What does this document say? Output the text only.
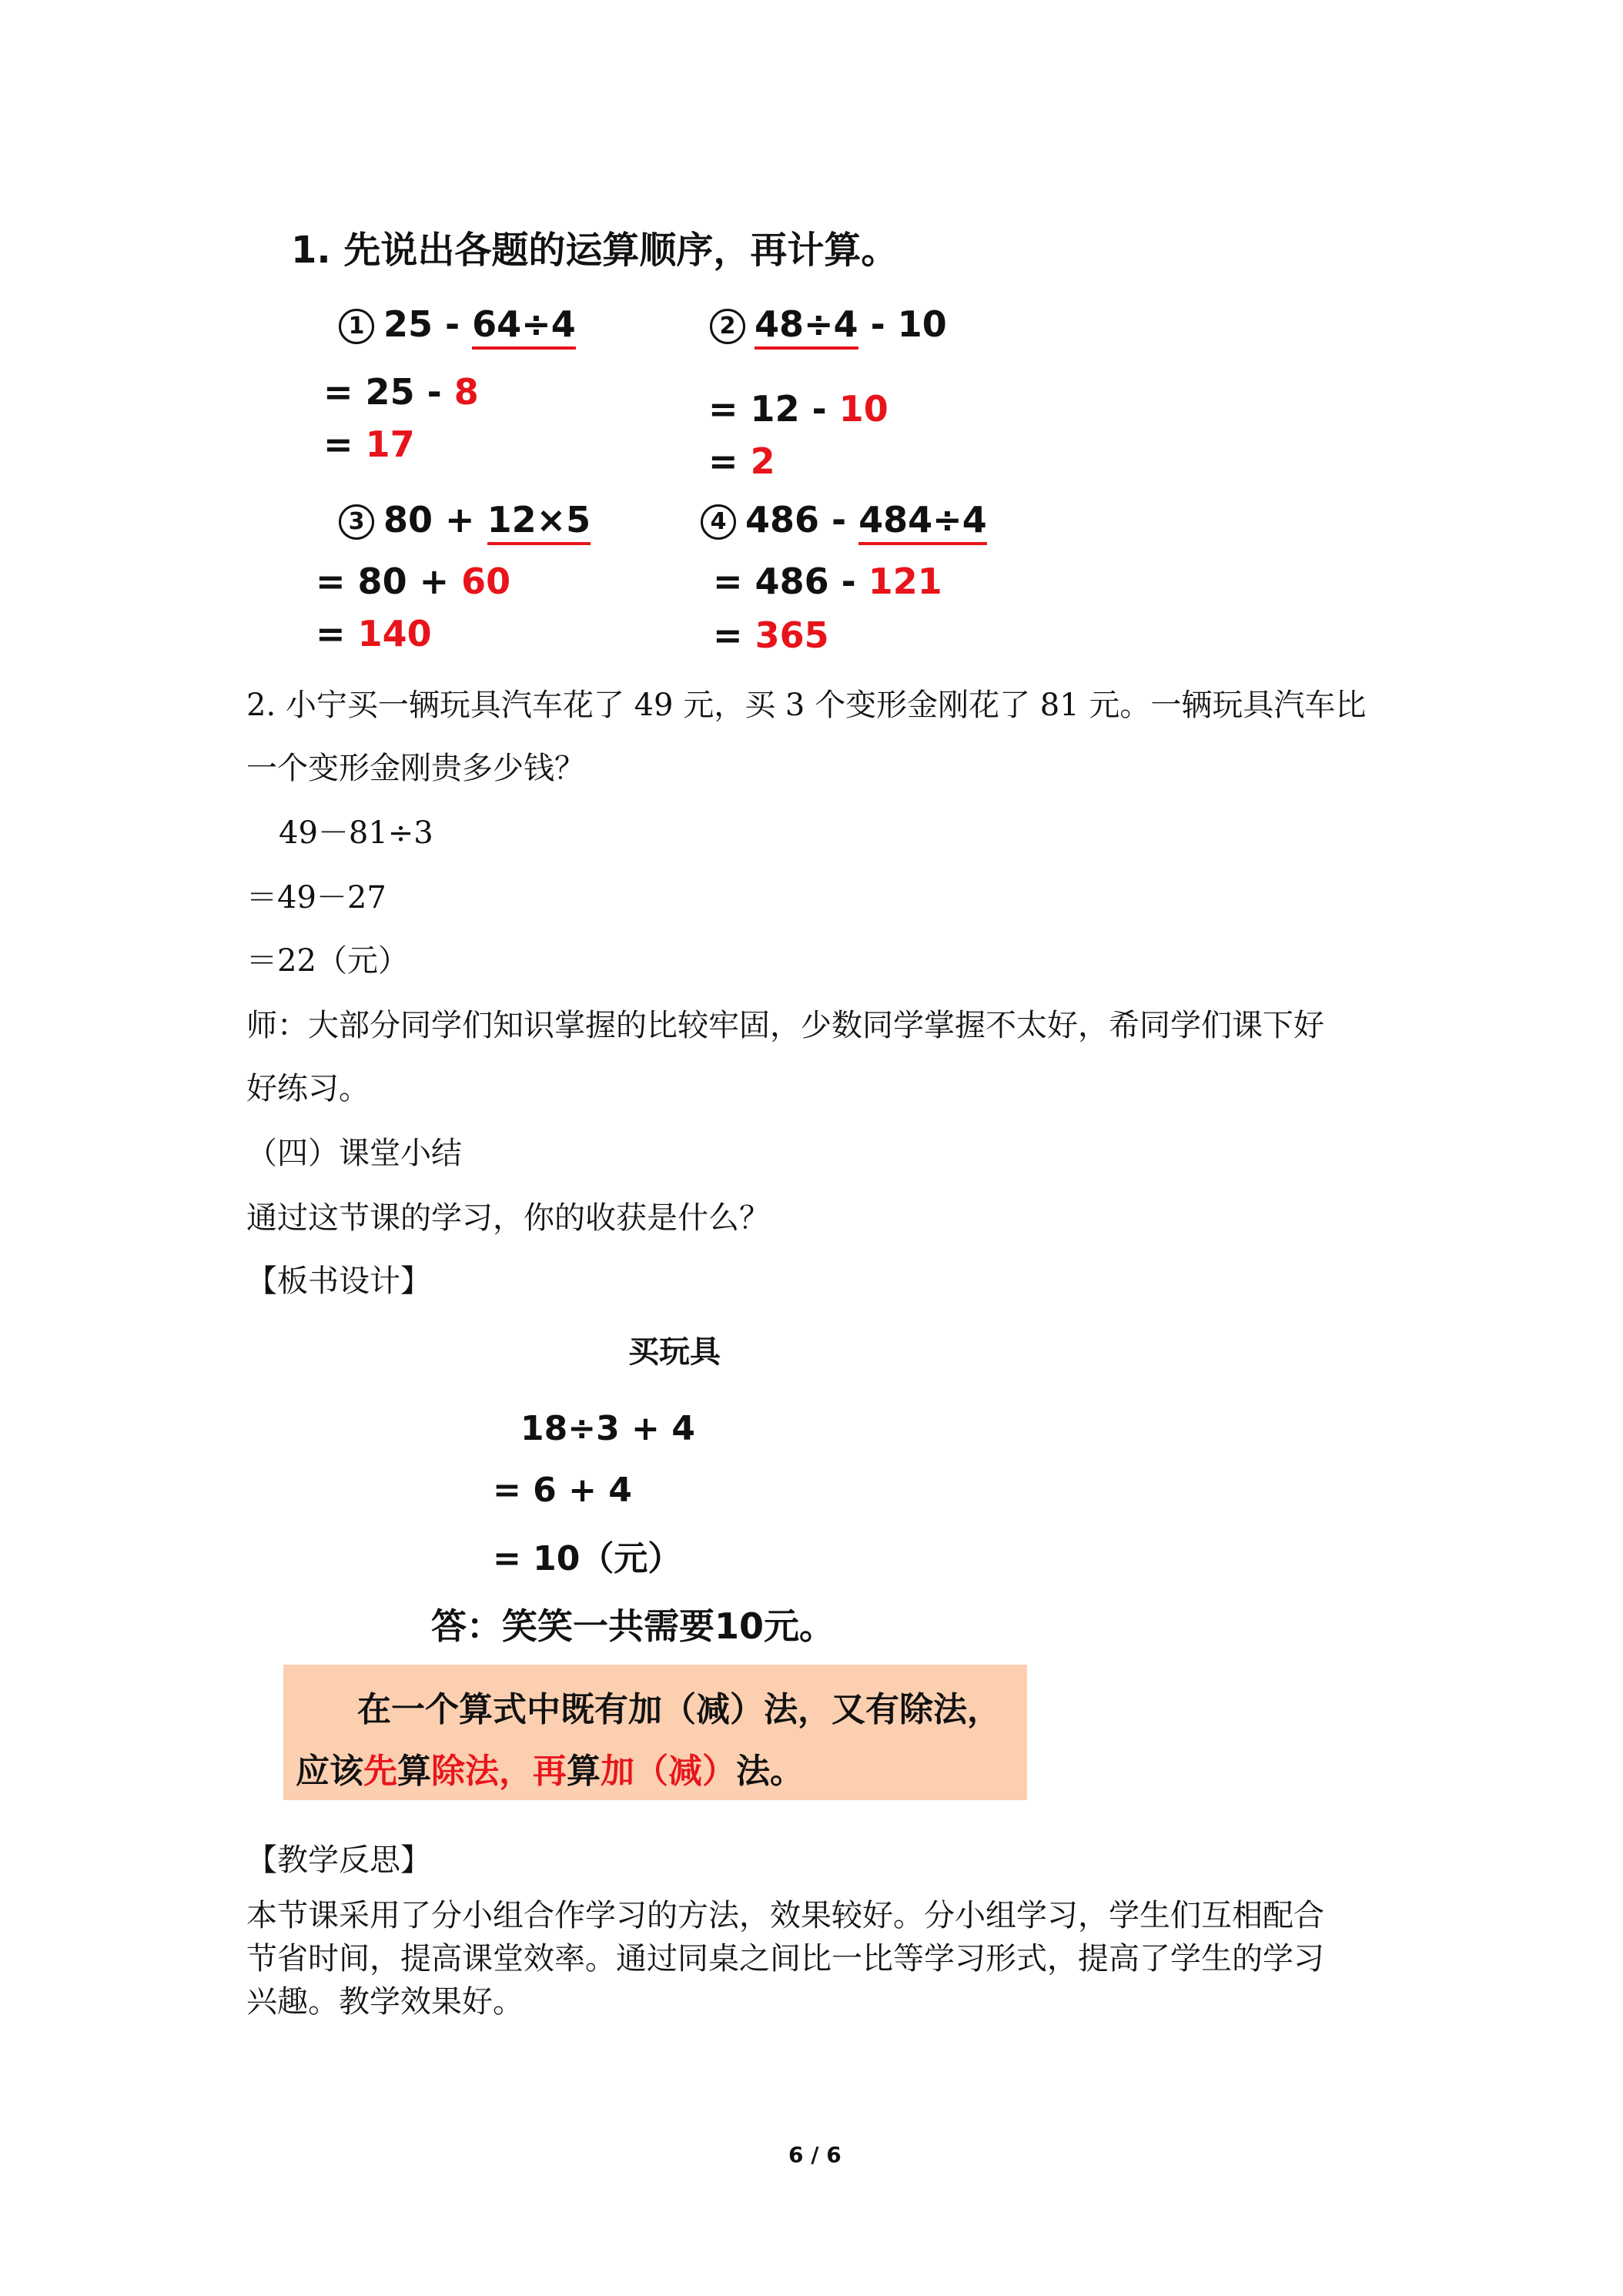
1. 先说出各题的运算顺序，再计算。
1 25 - 64÷4
= 25 - 8
= 17
2 48÷4 - 10
= 12 - 10
= 2
3 80 + 12×5
= 80 + 60
= 140
4 486 - 484÷4
= 486 - 121
= 365
2. 小宁买一辆玩具汽车花了 49 元，买 3 个变形金刚花了 81 元。一辆玩具汽车比
一个变形金刚贵多少钱？
49－81÷3
＝49－27
＝22（元）
师：大部分同学们知识掌握的比较牢固，少数同学掌握不太好，希同学们课下好
好练习。
（四）课堂小结
通过这节课的学习，你的收获是什么？
【板书设计】
买玩具
18÷3 + 4
= 6 + 4
= 10（元）
答：笑笑一共需要10元。
在一个算式中既有加（减）法，又有除法，
应该先算除法，再算加（减）法。
【教学反思】
本节课采用了分小组合作学习的方法，效果较好。分小组学习，学生们互相配合
节省时间，提高课堂效率。通过同桌之间比一比等学习形式，提高了学生的学习
兴趣。教学效果好。
6 / 6
